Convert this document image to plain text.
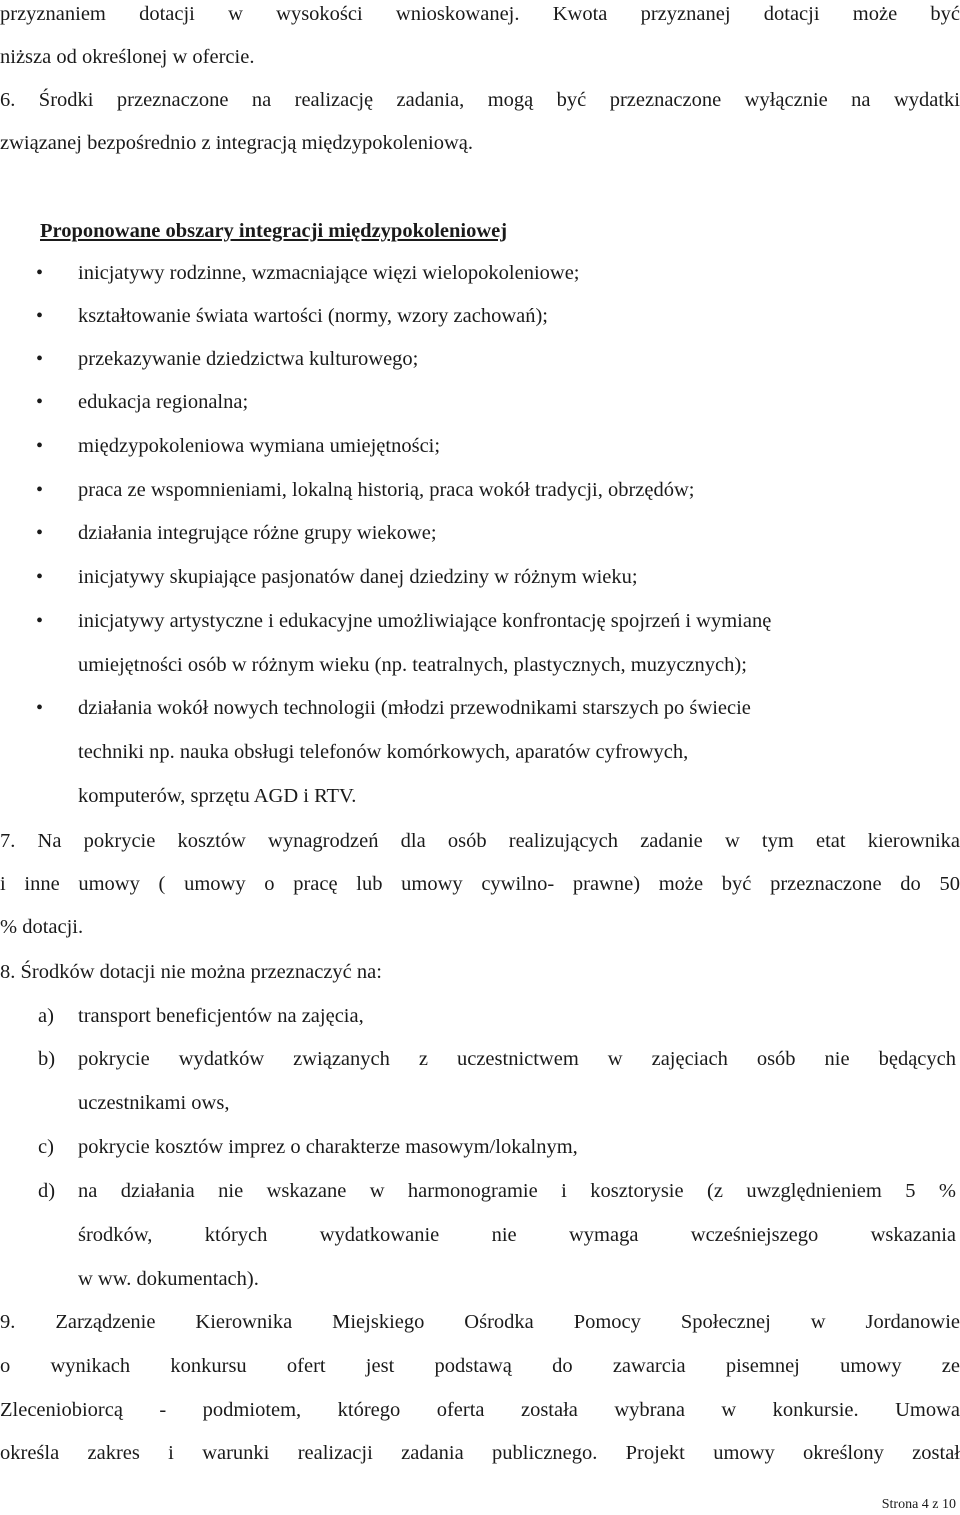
przyznaniem dotacji w wysokości wnioskowanej. Kwota przyznanej dotacji może być
niższa od określonej w ofercie.
6. Środki przeznaczone na realizację zadania, mogą być przeznaczone wyłącznie na wydatki
związanej bezpośrednio z integracją międzypokoleniową.
Proponowane obszary integracji międzypokoleniowej
• inicjatywy rodzinne, wzmacniające więzi wielopokoleniowe;
• kształtowanie świata wartości (normy, wzory zachowań);
• przekazywanie dziedzictwa kulturowego;
• edukacja regionalna;
• międzypokoleniowa wymiana umiejętności;
• praca ze wspomnieniami, lokalną historią, praca wokół tradycji, obrzędów;
• działania integrujące różne grupy wiekowe;
• inicjatywy skupiające pasjonatów danej dziedziny w różnym wieku;
• inicjatywy artystyczne i edukacyjne umożliwiające konfrontację spojrzeń i wymianę
umiejętności osób w różnym wieku (np. teatralnych, plastycznych, muzycznych);
• działania wokół nowych technologii (młodzi przewodnikami starszych po świecie
techniki np. nauka obsługi telefonów komórkowych, aparatów cyfrowych,
komputerów, sprzętu AGD i RTV.
7. Na pokrycie kosztów wynagrodzeń dla osób realizujących zadanie w tym etat kierownika
i inne umowy ( umowy o pracę lub umowy cywilno- prawne) może być przeznaczone do 50
% dotacji.
8. Środków dotacji nie można przeznaczyć na:
a) transport beneficjentów na zajęcia,
b) pokrycie wydatków związanych z uczestnictwem w zajęciach osób nie będących
uczestnikami ows,
c) pokrycie kosztów imprez o charakterze masowym/lokalnym,
d) na działania nie wskazane w harmonogramie i kosztorysie (z uwzględnieniem 5 %
środków, których wydatkowanie nie wymaga wcześniejszego wskazania
w ww. dokumentach).
9. Zarządzenie Kierownika Miejskiego Ośrodka Pomocy Społecznej w Jordanowie
o wynikach konkursu ofert jest podstawą do zawarcia pisemnej umowy ze
Zleceniobiorcą - podmiotem, którego oferta została wybrana w konkursie. Umowa
określa zakres i warunki realizacji zadania publicznego. Projekt umowy określony został
Strona 4 z 10
